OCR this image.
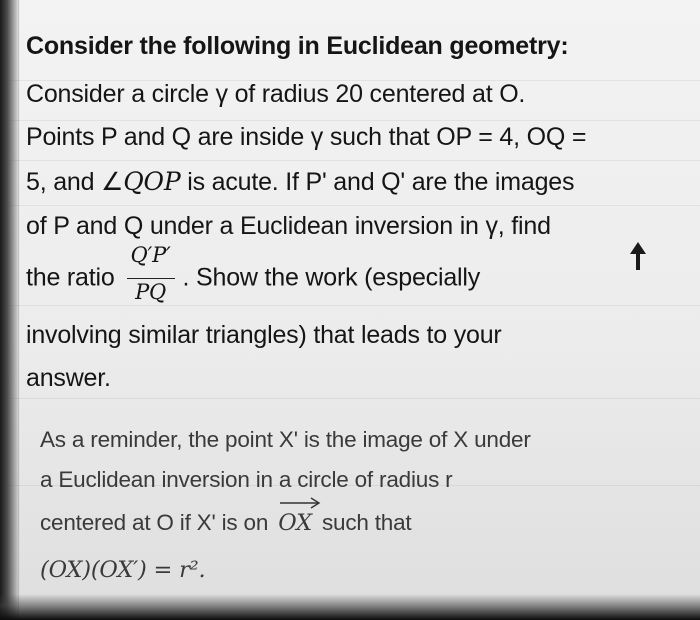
Consider the following in Euclidean geometry:
Consider a circle γ of radius 20 centered at O.
Points P and Q are inside γ such that OP = 4, OQ =
5, and ∠QOP is acute. If P' and Q' are the images
of P and Q under a Euclidean inversion in γ, find
the ratio $\frac{Q'P'}{PQ}$ . Show the work (especially
involving similar triangles) that leads to your
answer.
As a reminder, the point X' is the image of X under
a Euclidean inversion in a circle of radius r
centered at O if X' is on OX such that
(OX)(OX′) = r².
